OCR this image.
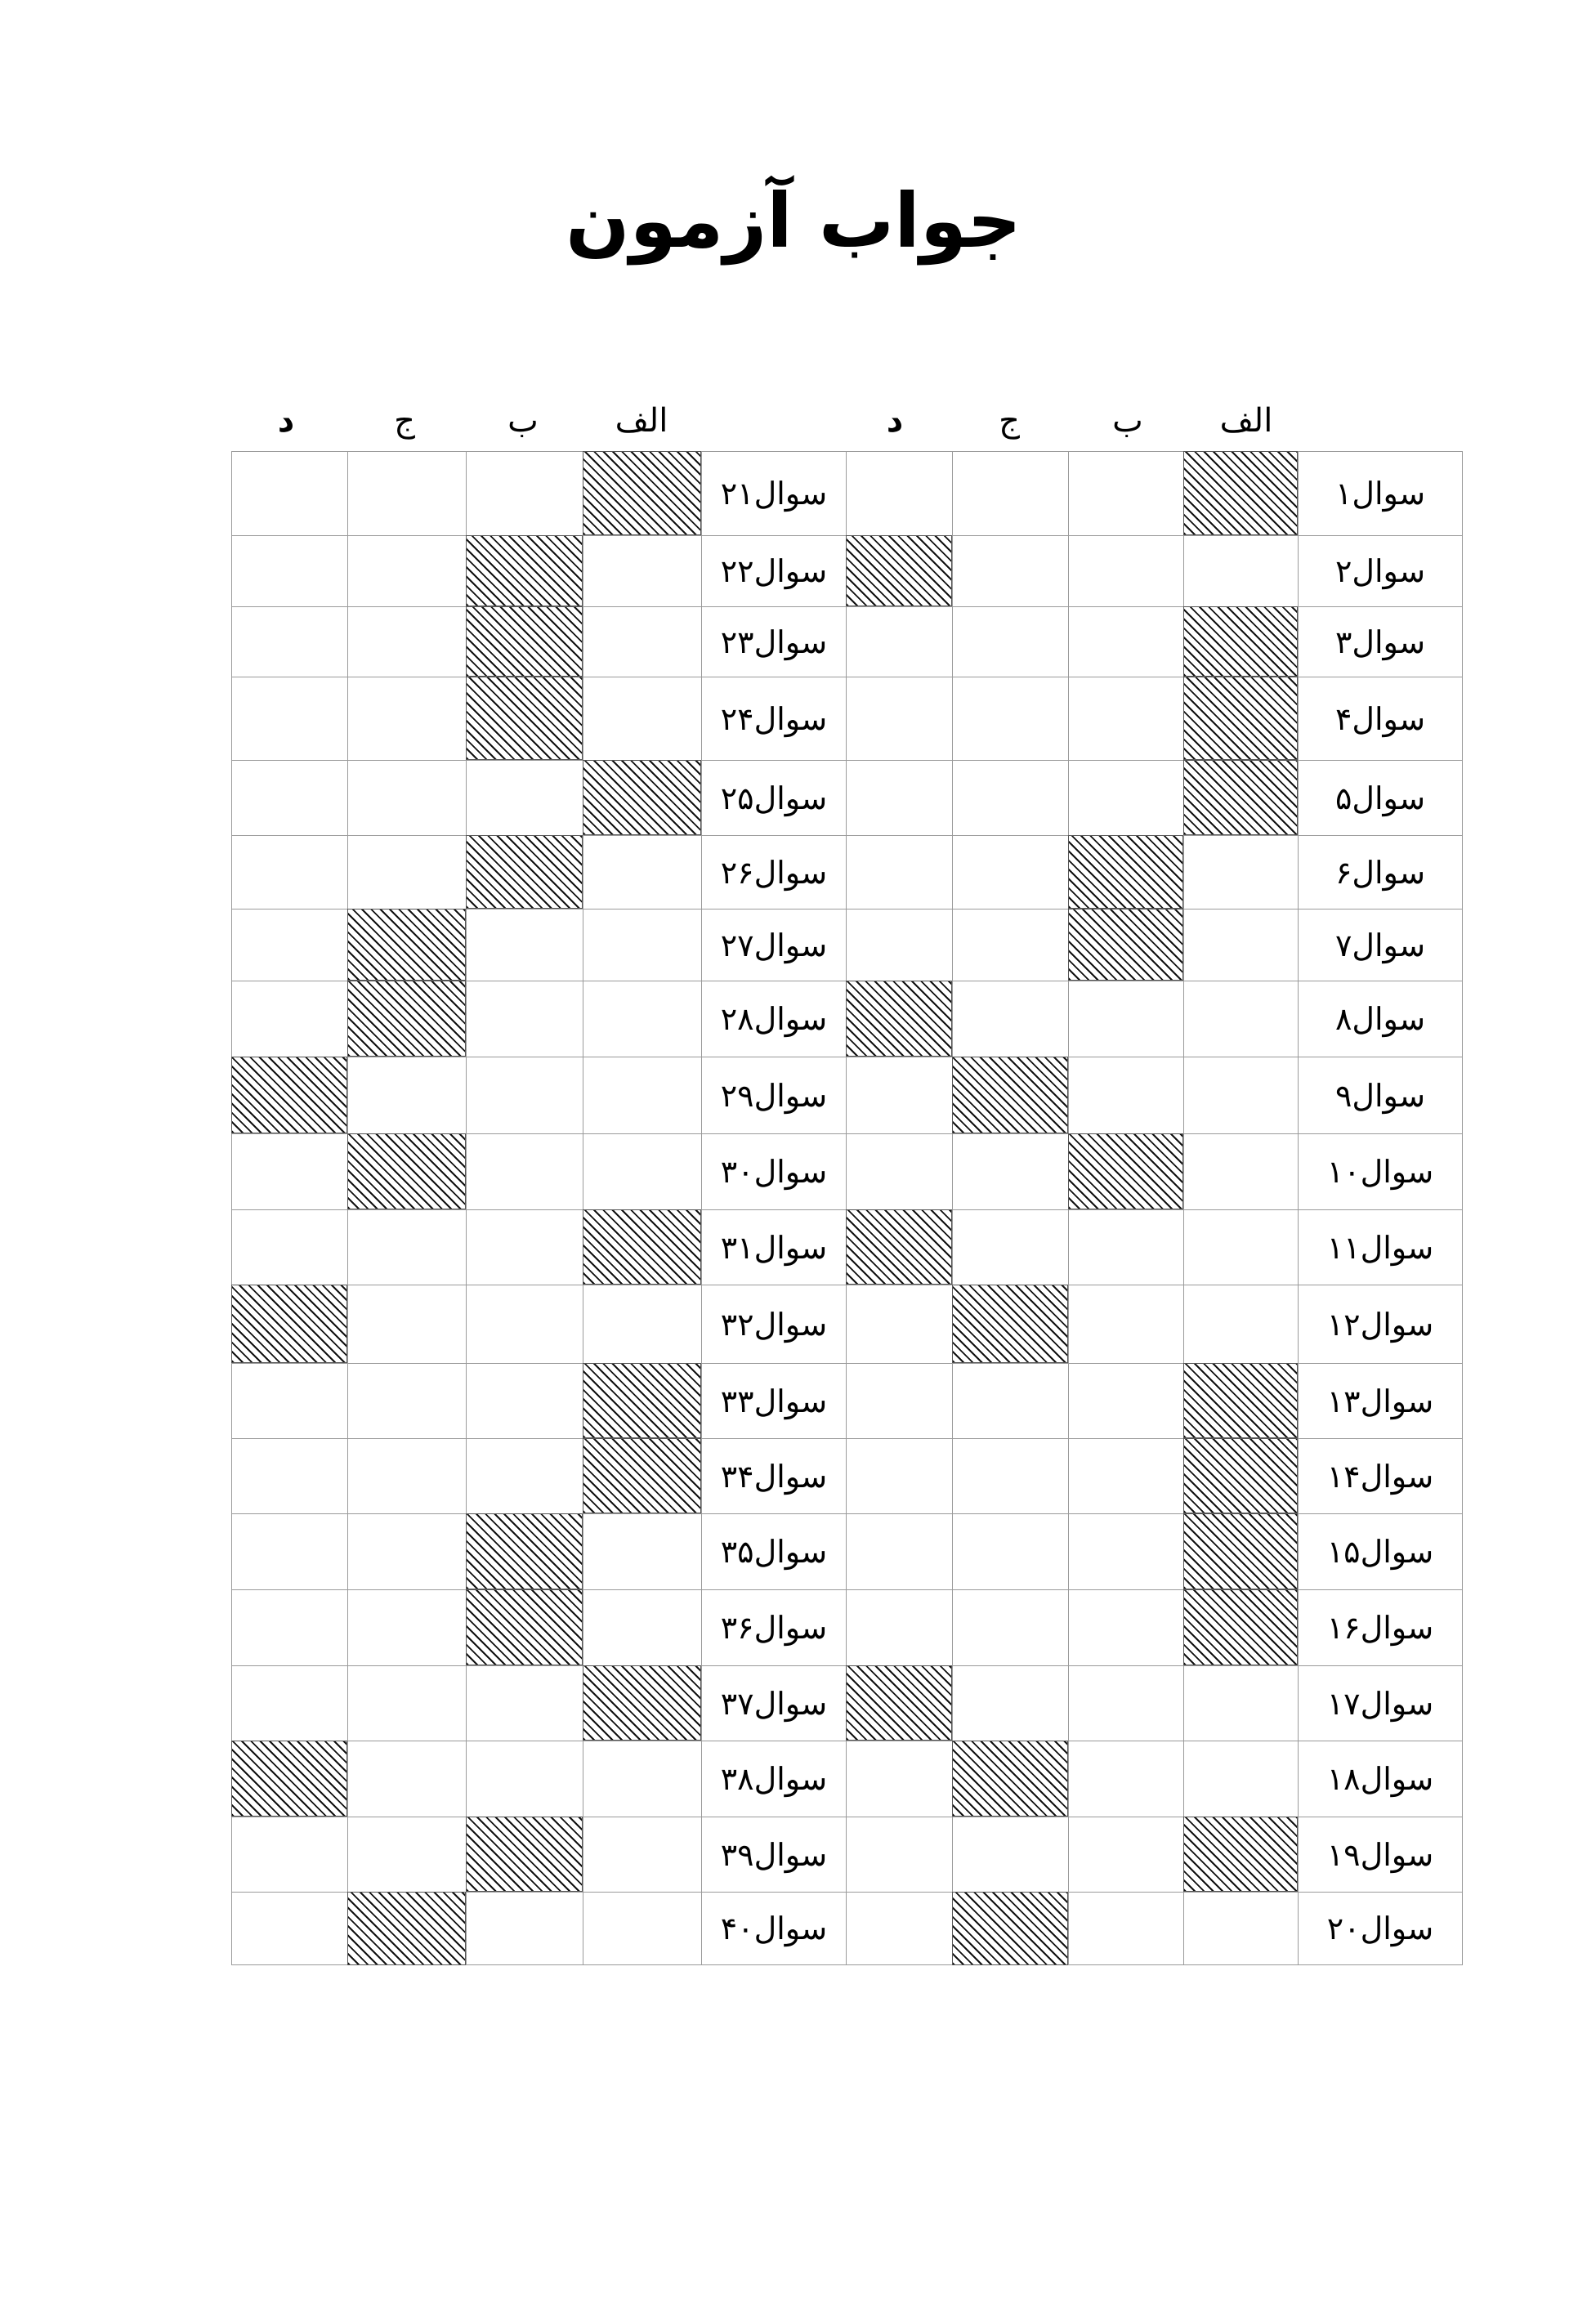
جواب آزمون
الف
ب
ج
د	الف
ب
ج
د
سوال۲۱
سوال۲۲
سوال۲۳
سوال۲۴
سوال۲۵
سوال۲۶
سوال۲۷
سوال۲۸
سوال۲۹
سوال۳۰
سوال۳۱
سوال۳۲
سوال۳۳
سوال۳۴
سوال۳۵
سوال۳۶
سوال۳۷
سوال۳۸
سوال۳۹
سوال۴۰
سوال۱
سوال۲
سوال۳
سوال۴
سوال۵
سوال۶
سوال۷
سوال۸
سوال۹
سوال۱۰
سوال۱۱
سوال۱۲
سوال۱۳
سوال۱۴
سوال۱۵
سوال۱۶
سوال۱۷
سوال۱۸
سوال۱۹
سوال۲۰
